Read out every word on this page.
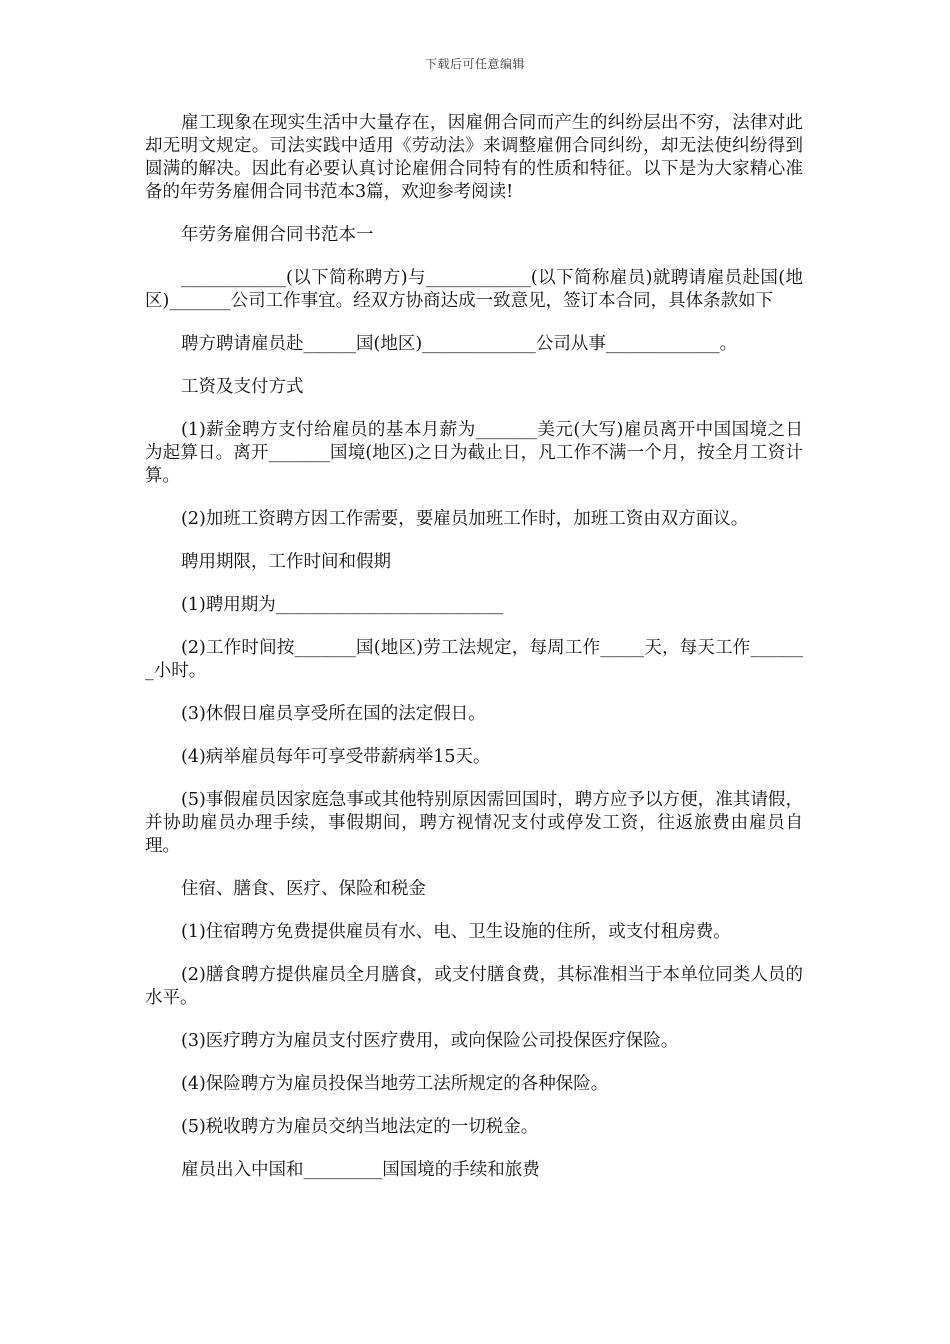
下载后可任意编辑

雇工现象在现实生活中大量存在，因雇佣合同而产生的纠纷层出不穷，法律对此却无明文规定。司法实践中适用《劳动法》来调整雇佣合同纠纷，却无法使纠纷得到圆满的解决。因此有必要认真讨论雇佣合同特有的性质和特征。以下是为大家精心准备的年劳务雇佣合同书范本3篇，欢迎参考阅读!

年劳务雇佣合同书范本一

____________(以下简称聘方)与____________(以下简称雇员)就聘请雇员赴国(地区)_______公司工作事宜。经双方协商达成一致意见，签订本合同，具体条款如下

聘方聘请雇员赴______国(地区)_____________公司从事_____________。

工资及支付方式

(1)薪金聘方支付给雇员的基本月薪为_______美元(大写)雇员离开中国国境之日为起算日。离开_______国境(地区)之日为截止日，凡工作不满一个月，按全月工资计算。

(2)加班工资聘方因工作需要，要雇员加班工作时，加班工资由双方面议。

聘用期限，工作时间和假期

(1)聘用期为__________________________

(2)工作时间按_______国(地区)劳工法规定，每周工作_____天，每天工作_______小时。

(3)休假日雇员享受所在国的法定假日。

(4)病举雇员每年可享受带薪病举15天。

(5)事假雇员因家庭急事或其他特别原因需回国时，聘方应予以方便，准其请假，并协助雇员办理手续，事假期间，聘方视情况支付或停发工资，往返旅费由雇员自理。

住宿、膳食、医疗、保险和税金

(1)住宿聘方免费提供雇员有水、电、卫生设施的住所，或支付租房费。

(2)膳食聘方提供雇员全月膳食，或支付膳食费，其标准相当于本单位同类人员的水平。

(3)医疗聘方为雇员支付医疗费用，或向保险公司投保医疗保险。

(4)保险聘方为雇员投保当地劳工法所规定的各种保险。

(5)税收聘方为雇员交纳当地法定的一切税金。

雇员出入中国和_________国国境的手续和旅费
